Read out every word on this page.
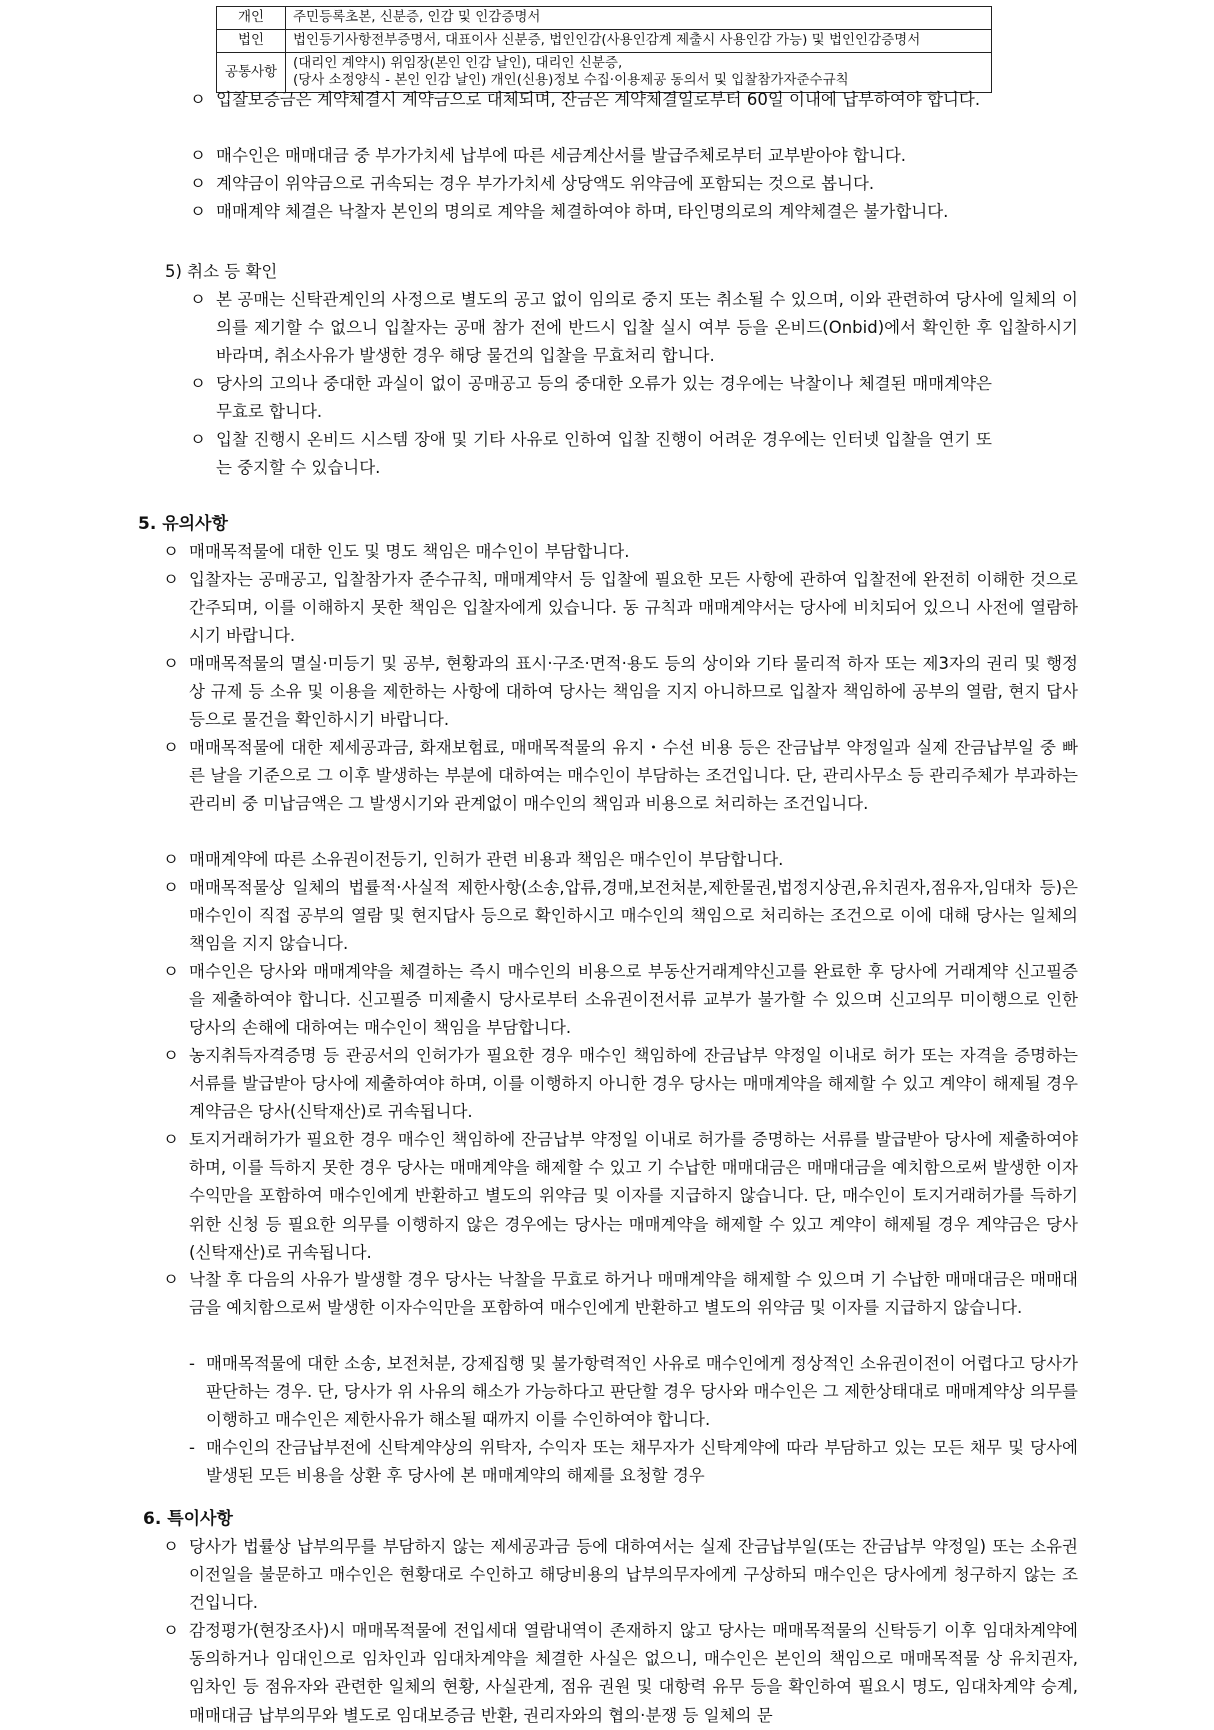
개인	주민등록초본, 신분증, 인감 및 인감증명서
법인	법인등기사항전부증명서, 대표이사 신분증, 법인인감(사용인감계 제출시 사용인감 가능) 및 법인인감증명서
공통사항	(대리인 계약시) 위임장(본인 인감 날인), 대리인 신분증,
(당사 소정양식 - 본인 인감 날인) 개인(신용)정보 수집·이용제공 동의서 및 입찰참가자준수규칙
ㅇ 입찰보증금은 계약체결시 계약금으로 대체되며, 잔금은 계약체결일로부터 60일 이내에 납부하여야 합니다.
ㅇ 매수인은 매매대금 중 부가가치세 납부에 따른 세금계산서를 발급주체로부터 교부받아야 합니다.
ㅇ 계약금이 위약금으로 귀속되는 경우 부가가치세 상당액도 위약금에 포함되는 것으로 봅니다.
ㅇ 매매계약 체결은 낙찰자 본인의 명의로 계약을 체결하여야 하며, 타인명의로의 계약체결은 불가합니다.
5) 취소 등 확인
ㅇ 본 공매는 신탁관계인의 사정으로 별도의 공고 없이 임의로 중지 또는 취소될 수 있으며, 이와 관련하여 당사에 일체의 이의를 제기할 수 없으니 입찰자는 공매 참가 전에 반드시 입찰 실시 여부 등을 온비드(Onbid)에서 확인한 후 입찰하시기 바라며, 취소사유가 발생한 경우 해당 물건의 입찰을 무효처리 합니다.
ㅇ 당사의 고의나 중대한 과실이 없이 공매공고 등의 중대한 오류가 있는 경우에는 낙찰이나 체결된 매매계약은 무효로 합니다.
ㅇ 입찰 진행시 온비드 시스템 장애 및 기타 사유로 인하여 입찰 진행이 어려운 경우에는 인터넷 입찰을 연기 또는 중지할 수 있습니다.
5. 유의사항
ㅇ 매매목적물에 대한 인도 및 명도 책임은 매수인이 부담합니다.
ㅇ 입찰자는 공매공고, 입찰참가자 준수규칙, 매매계약서 등 입찰에 필요한 모든 사항에 관하여 입찰전에 완전히 이해한 것으로 간주되며, 이를 이해하지 못한 책임은 입찰자에게 있습니다. 동 규칙과 매매계약서는 당사에 비치되어 있으니 사전에 열람하시기 바랍니다.
ㅇ 매매목적물의 멸실·미등기 및 공부, 현황과의 표시·구조·면적·용도 등의 상이와 기타 물리적 하자 또는 제3자의 권리 및 행정상 규제 등 소유 및 이용을 제한하는 사항에 대하여 당사는 책임을 지지 아니하므로 입찰자 책임하에 공부의 열람, 현지 답사 등으로 물건을 확인하시기 바랍니다.
ㅇ 매매목적물에 대한 제세공과금, 화재보험료, 매매목적물의 유지・수선 비용 등은 잔금납부 약정일과 실제 잔금납부일 중 빠른 날을 기준으로 그 이후 발생하는 부분에 대하여는 매수인이 부담하는 조건입니다. 단, 관리사무소 등 관리주체가 부과하는 관리비 중 미납금액은 그 발생시기와 관계없이 매수인의 책임과 비용으로 처리하는 조건입니다.
ㅇ 매매계약에 따른 소유권이전등기, 인허가 관련 비용과 책임은 매수인이 부담합니다.
ㅇ 매매목적물상 일체의 법률적·사실적 제한사항(소송,압류,경매,보전처분,제한물권,법정지상권,유치권자,점유자,임대차 등)은 매수인이 직접 공부의 열람 및 현지답사 등으로 확인하시고 매수인의 책임으로 처리하는 조건으로 이에 대해 당사는 일체의 책임을 지지 않습니다.
ㅇ 매수인은 당사와 매매계약을 체결하는 즉시 매수인의 비용으로 부동산거래계약신고를 완료한 후 당사에 거래계약 신고필증을 제출하여야 합니다. 신고필증 미제출시 당사로부터 소유권이전서류 교부가 불가할 수 있으며 신고의무 미이행으로 인한 당사의 손해에 대하여는 매수인이 책임을 부담합니다.
ㅇ 농지취득자격증명 등 관공서의 인허가가 필요한 경우 매수인 책임하에 잔금납부 약정일 이내로 허가 또는 자격을 증명하는 서류를 발급받아 당사에 제출하여야 하며, 이를 이행하지 아니한 경우 당사는 매매계약을 해제할 수 있고 계약이 해제될 경우 계약금은 당사(신탁재산)로 귀속됩니다.
ㅇ 토지거래허가가 필요한 경우 매수인 책임하에 잔금납부 약정일 이내로 허가를 증명하는 서류를 발급받아 당사에 제출하여야 하며, 이를 득하지 못한 경우 당사는 매매계약을 해제할 수 있고 기 수납한 매매대금은 매매대금을 예치함으로써 발생한 이자수익만을 포함하여 매수인에게 반환하고 별도의 위약금 및 이자를 지급하지 않습니다. 단, 매수인이 토지거래허가를 득하기 위한 신청 등 필요한 의무를 이행하지 않은 경우에는 당사는 매매계약을 해제할 수 있고 계약이 해제될 경우 계약금은 당사(신탁재산)로 귀속됩니다.
ㅇ 낙찰 후 다음의 사유가 발생할 경우 당사는 낙찰을 무효로 하거나 매매계약을 해제할 수 있으며 기 수납한 매매대금은 매매대금을 예치함으로써 발생한 이자수익만을 포함하여 매수인에게 반환하고 별도의 위약금 및 이자를 지급하지 않습니다.
- 매매목적물에 대한 소송, 보전처분, 강제집행 및 불가항력적인 사유로 매수인에게 정상적인 소유권이전이 어렵다고 당사가 판단하는 경우. 단, 당사가 위 사유의 해소가 가능하다고 판단할 경우 당사와 매수인은 그 제한상태대로 매매계약상 의무를 이행하고 매수인은 제한사유가 해소될 때까지 이를 수인하여야 합니다.
- 매수인의 잔금납부전에 신탁계약상의 위탁자, 수익자 또는 채무자가 신탁계약에 따라 부담하고 있는 모든 채무 및 당사에 발생된 모든 비용을 상환 후 당사에 본 매매계약의 해제를 요청할 경우
6. 특이사항
ㅇ 당사가 법률상 납부의무를 부담하지 않는 제세공과금 등에 대하여서는 실제 잔금납부일(또는 잔금납부 약정일) 또는 소유권이전일을 불문하고 매수인은 현황대로 수인하고 해당비용의 납부의무자에게 구상하되 매수인은 당사에게 청구하지 않는 조건입니다.
ㅇ 감정평가(현장조사)시 매매목적물에 전입세대 열람내역이 존재하지 않고 당사는 매매목적물의 신탁등기 이후 임대차계약에 동의하거나 임대인으로 임차인과 임대차계약을 체결한 사실은 없으니, 매수인은 본인의 책임으로 매매목적물 상 유치권자, 임차인 등 점유자와 관련한 일체의 현황, 사실관계, 점유 권원 및 대항력 유무 등을 확인하여 필요시 명도, 임대차계약 승계, 매매대금 납부의무와 별도로 임대보증금 반환, 권리자와의 협의·분쟁 등 일체의 문
